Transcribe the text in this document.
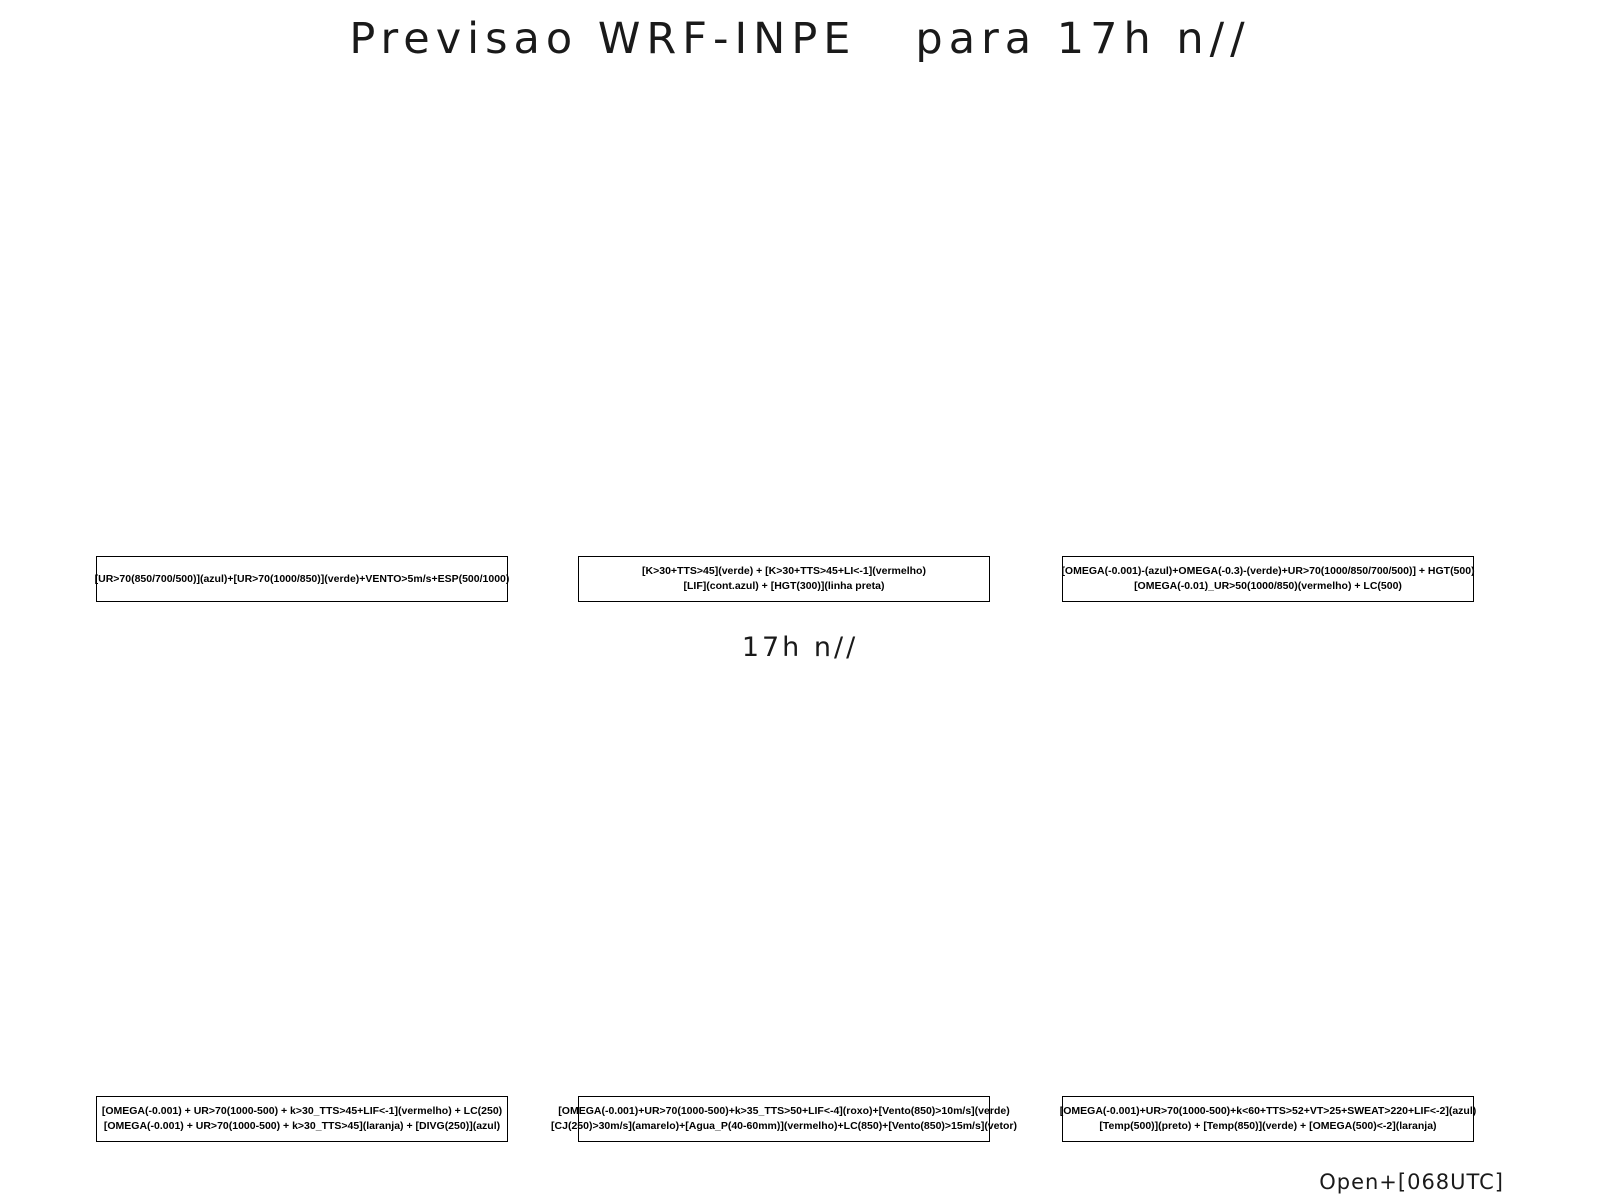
Previsao WRF-INPE   para 17h n//
[UR>70(850/700/500)](azul)+[UR>70(1000/850)](verde)+VENTO>5m/s+ESP(500/1000)
[K>30+TTS>45](verde) + [K>30+TTS>45+LI<-1](vermelho)
[LIF](cont.azul) + [HGT(300)](linha preta)
[OMEGA(-0.001)-(azul)+OMEGA(-0.3)-(verde)+UR>70(1000/850/700/500)] + HGT(500)
[OMEGA(-0.01)_UR>50(1000/850)(vermelho) + LC(500)
17h n//
[OMEGA(-0.001) + UR>70(1000-500) + k>30_TTS>45+LIF<-1](vermelho) + LC(250)
[OMEGA(-0.001) + UR>70(1000-500) + k>30_TTS>45](laranja) + [DIVG(250)](azul)
[OMEGA(-0.001)+UR>70(1000-500)+k>35_TTS>50+LIF<-4](roxo)+[Vento(850)>10m/s](verde)
[CJ(250)>30m/s](amarelo)+[Agua_P(40-60mm)](vermelho)+LC(850)+[Vento(850)>15m/s](vetor)
[OMEGA(-0.001)+UR>70(1000-500)+k<60+TTS>52+VT>25+SWEAT>220+LIF<-2](azul)
[Temp(500)](preto) + [Temp(850)](verde) + [OMEGA(500)<-2](laranja)
Open+[068UTC]
